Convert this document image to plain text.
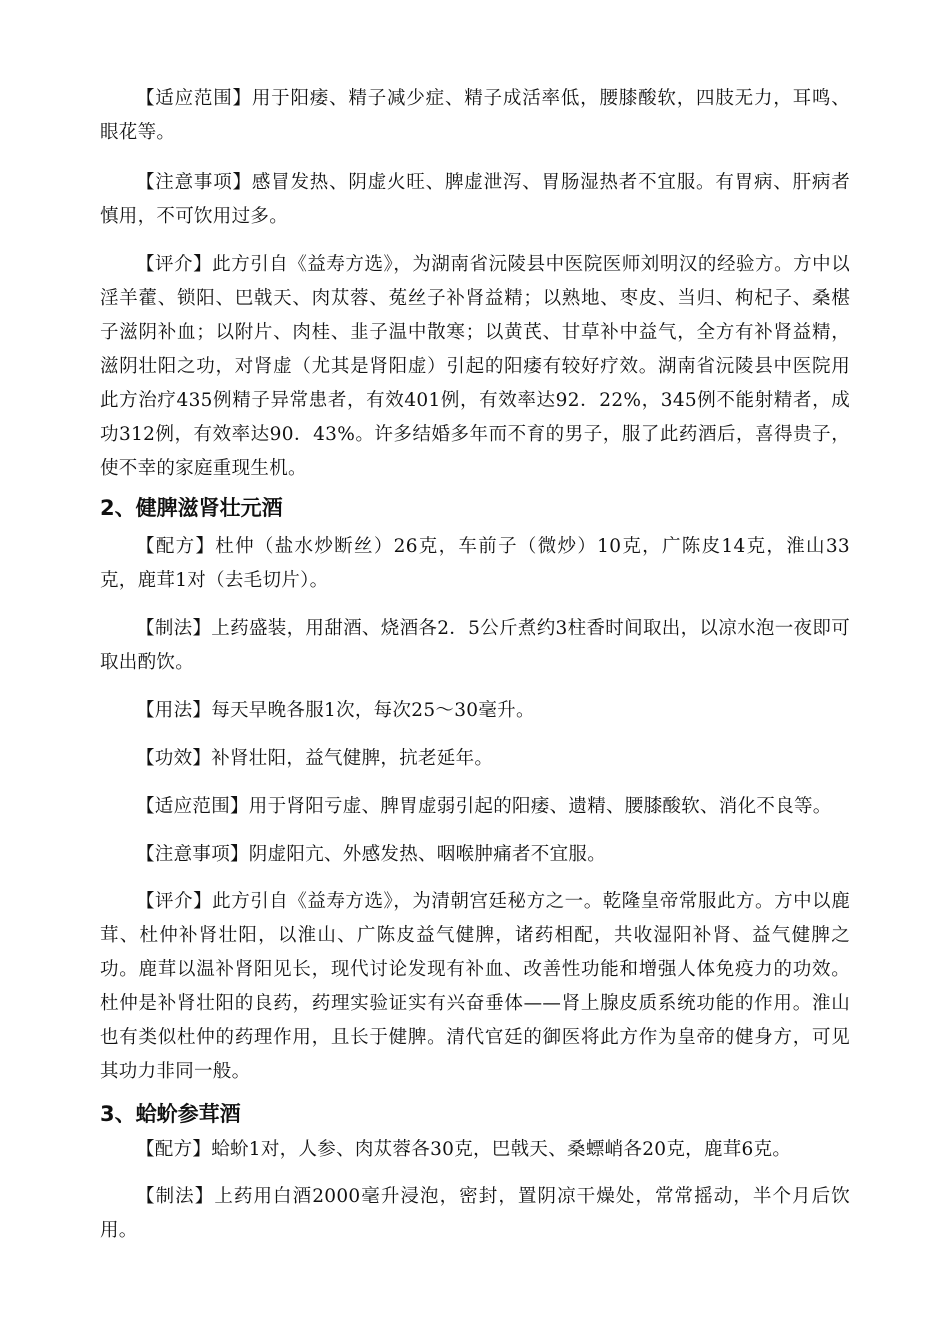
【适应范围】用于阳痿、精子减少症、精子成活率低，腰膝酸软，四肢无力，耳鸣、眼花等。

【注意事项】感冒发热、阴虚火旺、脾虚泄泻、胃肠湿热者不宜服。有胃病、肝病者慎用，不可饮用过多。

【评介】此方引自《益寿方选》，为湖南省沅陵县中医院医师刘明汉的经验方。方中以淫羊藿、锁阳、巴戟天、肉苁蓉、菟丝子补肾益精；以熟地、枣皮、当归、枸杞子、桑椹子滋阴补血；以附片、肉桂、韭子温中散寒；以黄芪、甘草补中益气，全方有补肾益精，滋阴壮阳之功，对肾虚（尤其是肾阳虚）引起的阳痿有较好疗效。湖南省沅陵县中医院用此方治疗435例精子异常患者，有效401例，有效率达92．22%，345例不能射精者，成功312例，有效率达90．43%。许多结婚多年而不育的男子，服了此药酒后，喜得贵子，使不幸的家庭重现生机。

2、健脾滋肾壮元酒

【配方】杜仲（盐水炒断丝）26克，车前子（微炒）10克，广陈皮14克，淮山33克，鹿茸1对（去毛切片）。

【制法】上药盛装，用甜酒、烧酒各2．5公斤煮约3柱香时间取出，以凉水泡一夜即可取出酌饮。

【用法】每天早晚各服1次，每次25～30毫升。

【功效】补肾壮阳，益气健脾，抗老延年。

【适应范围】用于肾阳亏虚、脾胃虚弱引起的阳痿、遗精、腰膝酸软、消化不良等。

【注意事项】阴虚阳亢、外感发热、咽喉肿痛者不宜服。

【评介】此方引自《益寿方选》，为清朝宫廷秘方之一。乾隆皇帝常服此方。方中以鹿茸、杜仲补肾壮阳，以淮山、广陈皮益气健脾，诸药相配，共收湿阳补肾、益气健脾之功。鹿茸以温补肾阳见长，现代讨论发现有补血、改善性功能和增强人体免疫力的功效。杜仲是补肾壮阳的良药，药理实验证实有兴奋垂体——肾上腺皮质系统功能的作用。淮山也有类似杜仲的药理作用，且长于健脾。清代官廷的御医将此方作为皇帝的健身方，可见其功力非同一般。

3、蛤蚧参茸酒

【配方】蛤蚧1对，人参、肉苁蓉各30克，巴戟天、桑螵峭各20克，鹿茸6克。

【制法】上药用白酒2000毫升浸泡，密封，置阴凉干燥处，常常摇动，半个月后饮用。
